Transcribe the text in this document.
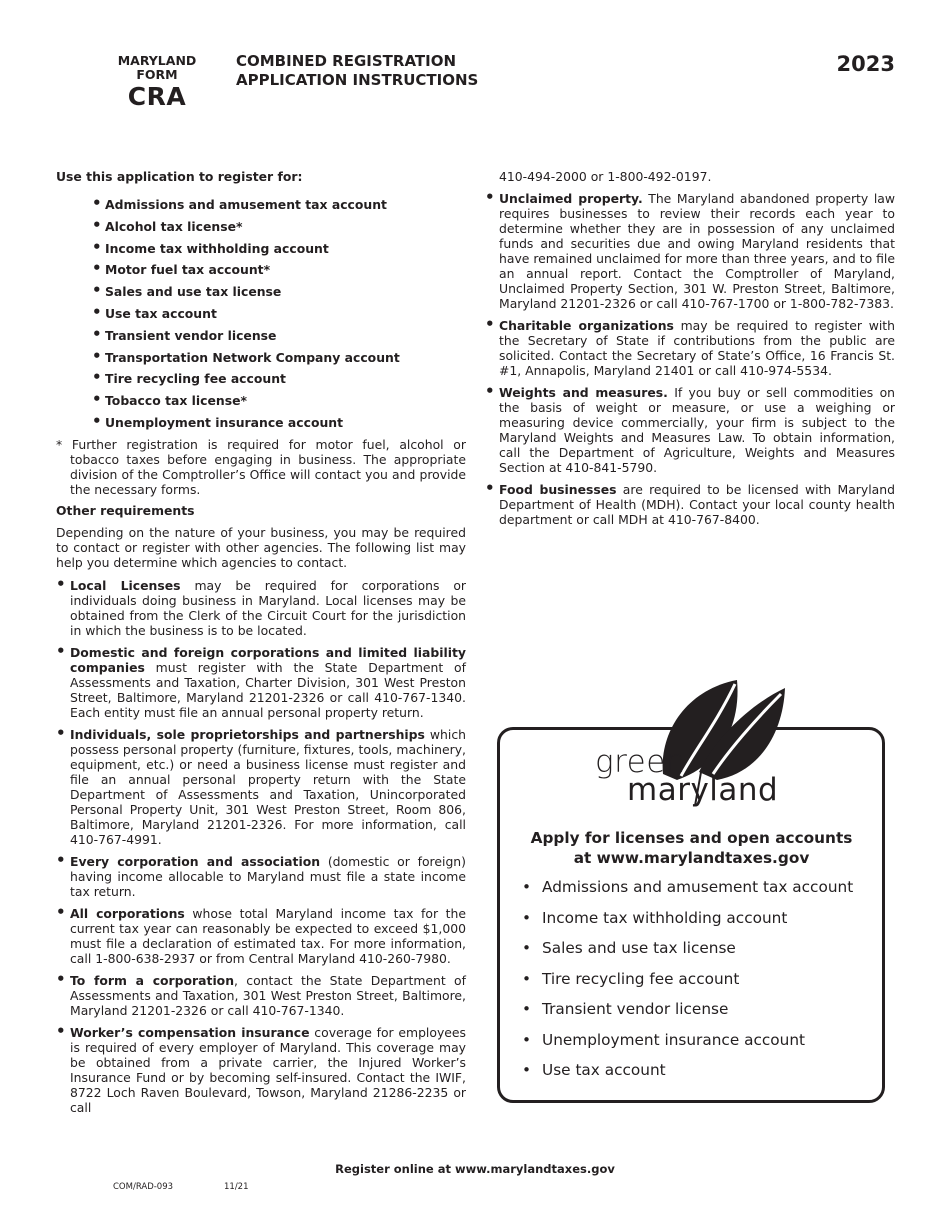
MARYLAND
FORM
CRA
COMBINED REGISTRATION
APPLICATION INSTRUCTIONS
2023

Use this application to register for:

• Admissions and amusement tax account
• Alcohol tax license*
• Income tax withholding account
• Motor fuel tax account*
• Sales and use tax license
• Use tax account
• Transient vendor license
• Transportation Network Company account
• Tire recycling fee account
• Tobacco tax license*
• Unemployment insurance account

* Further registration is required for motor fuel, alcohol or tobacco taxes before engaging in business. The appropriate division of the Comptroller’s Office will contact you and provide the necessary forms.

Other requirements

Depending on the nature of your business, you may be required to contact or register with other agencies. The following list may help you determine which agencies to contact.

• Local Licenses may be required for corporations or individuals doing business in Maryland. Local licenses may be obtained from the Clerk of the Circuit Court for the jurisdiction in which the business is to be located.
• Domestic and foreign corporations and limited liability companies must register with the State Department of Assessments and Taxation, Charter Division, 301 West Preston Street, Baltimore, Maryland 21201-2326 or call 410-767-1340. Each entity must file an annual personal property return.
• Individuals, sole proprietorships and partnerships which possess personal property (furniture, fixtures, tools, machinery, equipment, etc.) or need a business license must register and file an annual personal property return with the State Department of Assessments and Taxation, Unincorporated Personal Property Unit, 301 West Preston Street, Room 806, Baltimore, Maryland 21201-2326. For more information, call 410-767-4991.
• Every corporation and association (domestic or foreign) having income allocable to Maryland must file a state income tax return.
• All corporations whose total Maryland income tax for the current tax year can reasonably be expected to exceed $1,000 must file a declaration of estimated tax. For more information, call 1-800-638-2937 or from Central Maryland 410-260-7980.
• To form a corporation, contact the State Department of Assessments and Taxation, 301 West Preston Street, Baltimore, Maryland 21201-2326 or call 410-767-1340.
• Worker’s compensation insurance coverage for employees is required of every employer of Maryland. This coverage may be obtained from a private carrier, the Injured Worker’s Insurance Fund or by becoming self-insured. Contact the IWIF, 8722 Loch Raven Boulevard, Towson, Maryland 21286-2235 or call

410-494-2000 or 1-800-492-0197.

• Unclaimed property. The Maryland abandoned property law requires businesses to review their records each year to determine whether they are in possession of any unclaimed funds and securities due and owing Maryland residents that have remained unclaimed for more than three years, and to file an annual report. Contact the Comptroller of Maryland, Unclaimed Property Section, 301 W. Preston Street, Baltimore, Maryland 21201-2326 or call 410-767-1700 or 1-800-782-7383.
• Charitable organizations may be required to register with the Secretary of State if contributions from the public are solicited. Contact the Secretary of State’s Office, 16 Francis St. #1, Annapolis, Maryland 21401 or call 410-974-5534.
• Weights and measures. If you buy or sell commodities on the basis of weight or measure, or use a weighing or measuring device commercially, your firm is subject to the Maryland Weights and Measures Law. To obtain information, call the Department of Agriculture, Weights and Measures Section at 410-841-5790.
• Food businesses are required to be licensed with Maryland Department of Health (MDH). Contact your local county health department or call MDH at 410-767-8400.
green
maryland
Apply for licenses and open accounts
at www.marylandtaxes.gov
• Admissions and amusement tax account
• Income tax withholding account
• Sales and use tax license
• Tire recycling fee account
• Transient vendor license
• Unemployment insurance account
• Use tax account
Register online at www.marylandtaxes.gov
COM/RAD-093	11/21
